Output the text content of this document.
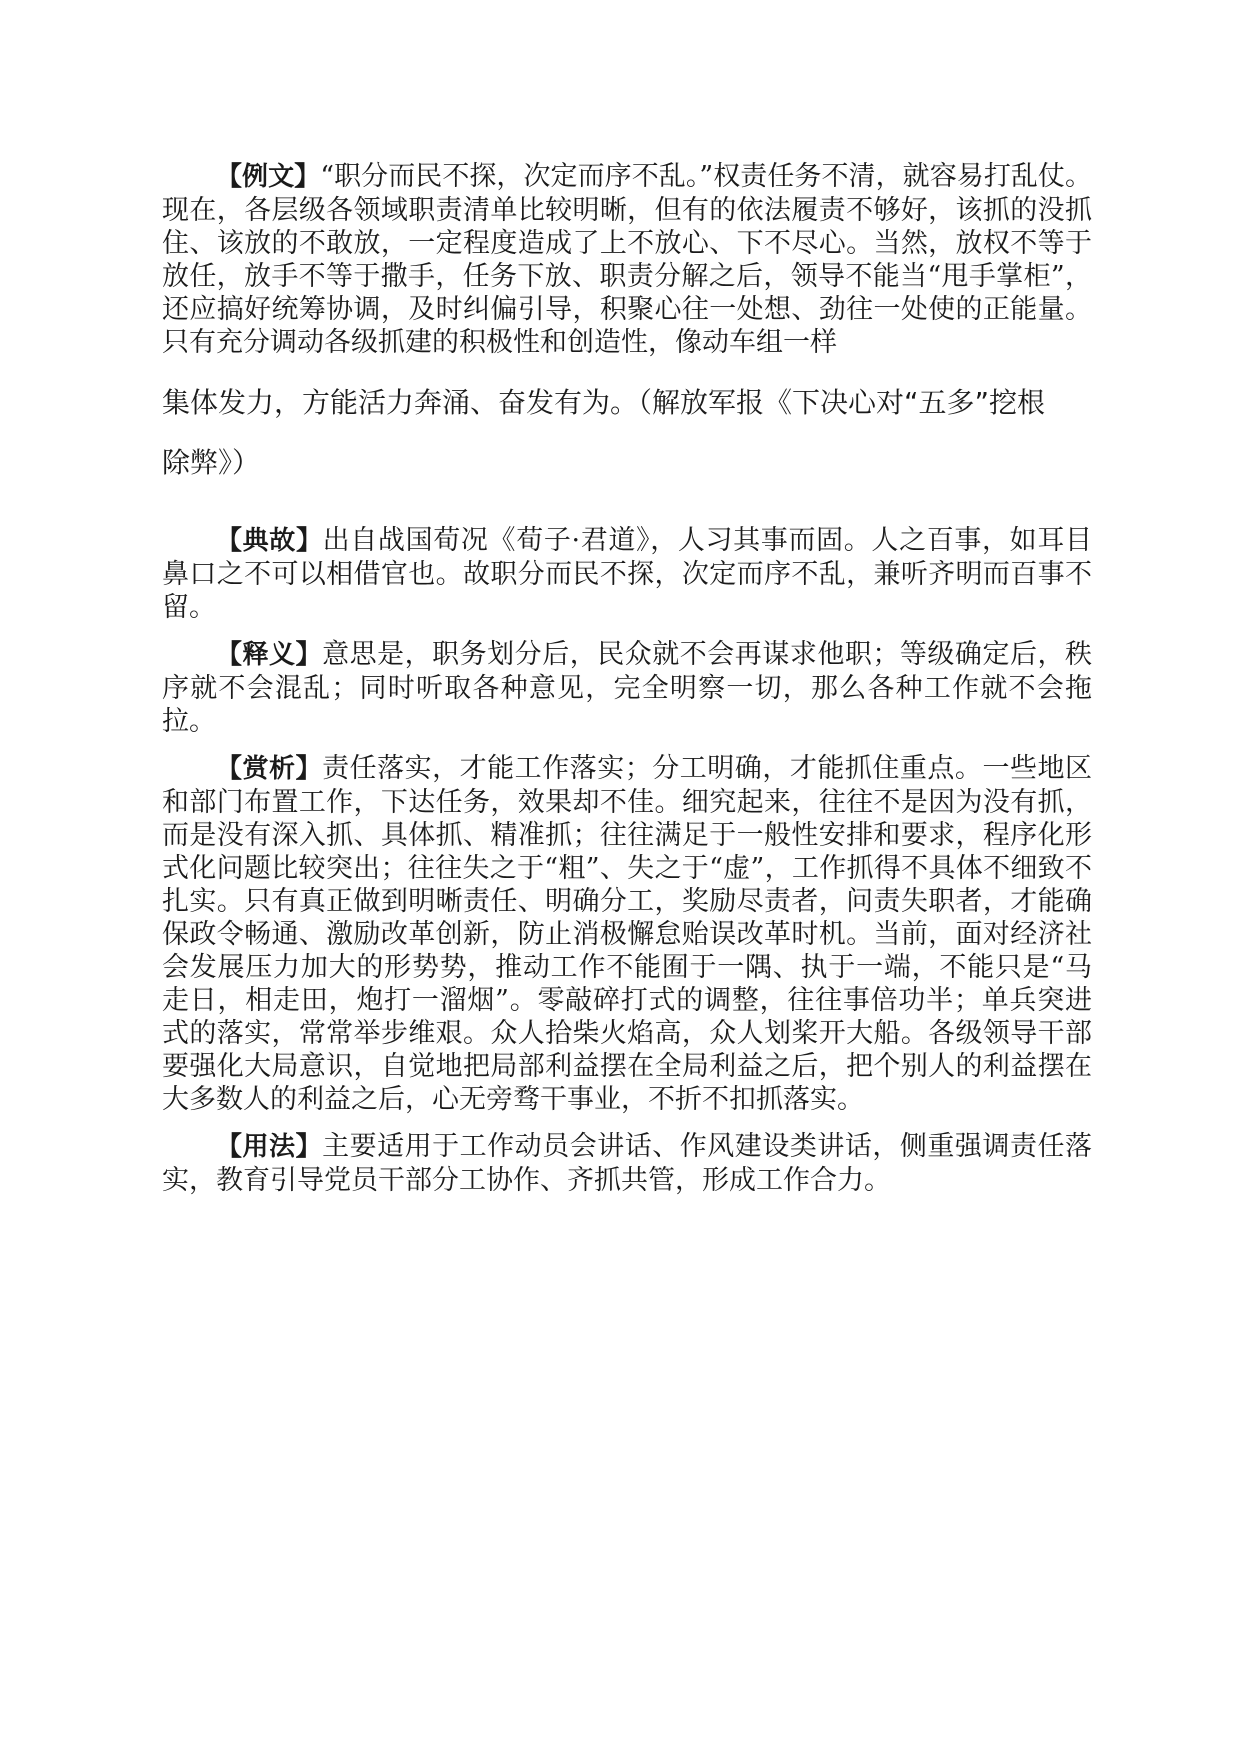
【例文】“职分而民不探，次定而序不乱。”权责任务不清，就容易打乱仗。现在，各层级各领域职责清单比较明晰，但有的依法履责不够好，该抓的没抓住、该放的不敢放，一定程度造成了上不放心、下不尽心。当然，放权不等于放任，放手不等于撒手，任务下放、职责分解之后，领导不能当“甩手掌柜”，还应搞好统筹协调，及时纠偏引导，积聚心往一处想、劲往一处使的正能量。只有充分调动各级抓建的积极性和创造性，像动车组一样
集体发力，方能活力奔涌、奋发有为。（解放军报《下决心对“五多”挖根
除弊》）
【典故】出自战国荀况《荀子·君道》，人习其事而固。人之百事，如耳目鼻口之不可以相借官也。故职分而民不探，次定而序不乱，兼听齐明而百事不留。
【释义】意思是，职务划分后，民众就不会再谋求他职；等级确定后，秩序就不会混乱；同时听取各种意见，完全明察一切，那么各种工作就不会拖拉。
【赏析】责任落实，才能工作落实；分工明确，才能抓住重点。一些地区和部门布置工作，下达任务，效果却不佳。细究起来，往往不是因为没有抓，而是没有深入抓、具体抓、精准抓；往往满足于一般性安排和要求，程序化形式化问题比较突出；往往失之于“粗”、失之于“虚”，工作抓得不具体不细致不扎实。只有真正做到明晰责任、明确分工，奖励尽责者，问责失职者，才能确保政令畅通、激励改革创新，防止消极懈怠贻误改革时机。当前，面对经济社会发展压力加大的形势势，推动工作不能囿于一隅、执于一端，不能只是“马走日，相走田，炮打一溜烟”。零敲碎打式的调整，往往事倍功半；单兵突进式的落实，常常举步维艰。众人拾柴火焰高，众人划桨开大船。各级领导干部要强化大局意识，自觉地把局部利益摆在全局利益之后，把个别人的利益摆在大多数人的利益之后，心无旁骛干事业，不折不扣抓落实。
【用法】主要适用于工作动员会讲话、作风建设类讲话，侧重强调责任落实，教育引导党员干部分工协作、齐抓共管，形成工作合力。
